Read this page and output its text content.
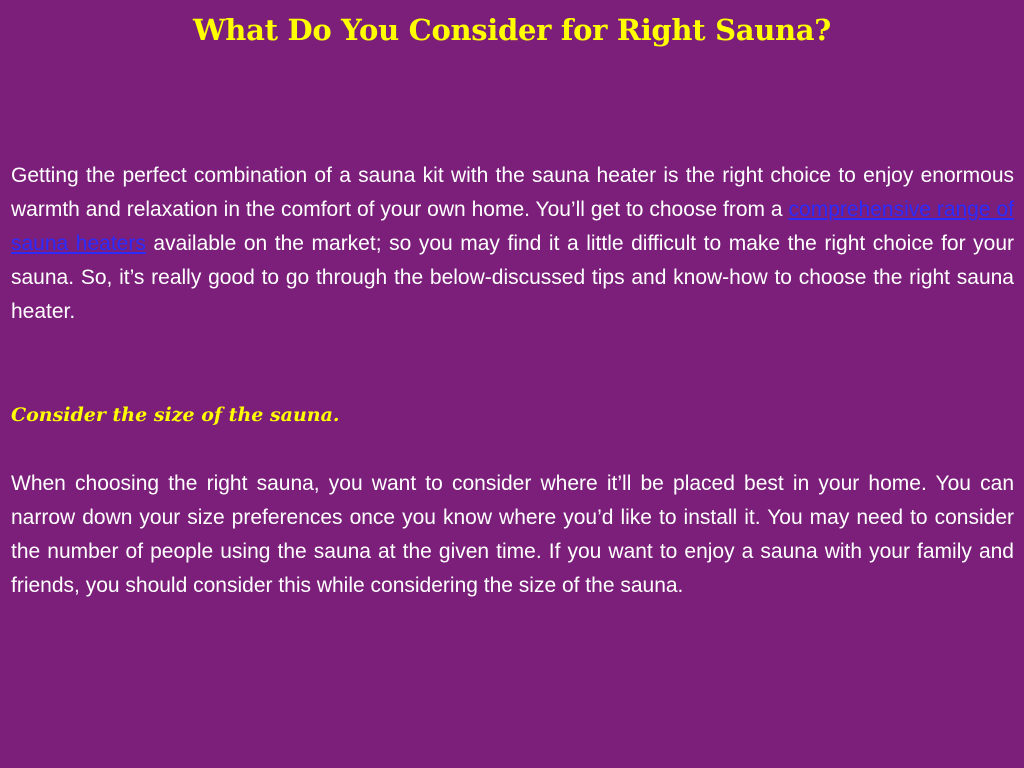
What Do You Consider for Right Sauna?

Getting the perfect combination of a sauna kit with the sauna heater is the right choice to enjoy enormous warmth and relaxation in the comfort of your own home. You’ll get to choose from a comprehensive range of sauna heaters available on the market; so you may find it a little difficult to make the right choice for your sauna. So, it’s really good to go through the below-discussed tips and know-how to choose the right sauna heater.

Consider the size of the sauna.

When choosing the right sauna, you want to consider where it’ll be placed best in your home. You can narrow down your size preferences once you know where you’d like to install it. You may need to consider the number of people using the sauna at the given time. If you want to enjoy a sauna with your family and friends, you should consider this while considering the size of the sauna.
